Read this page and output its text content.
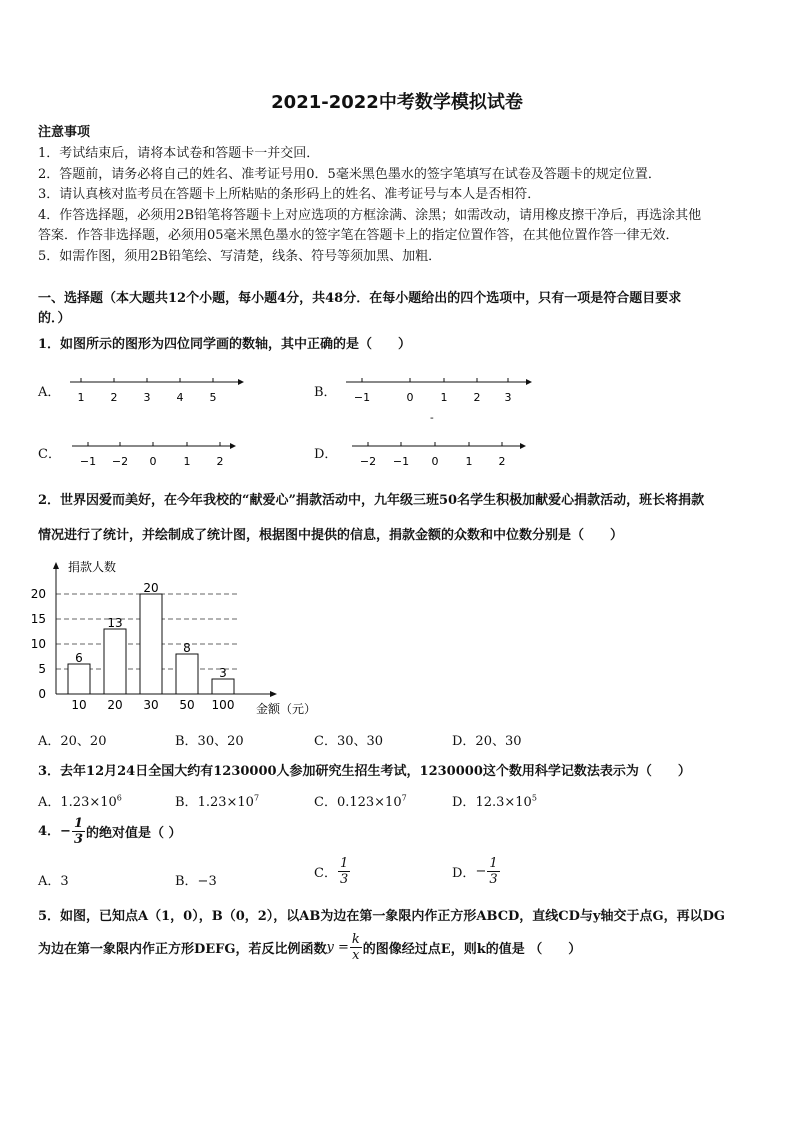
2021-2022中考数学模拟试卷
注意事项
1．考试结束后，请将本试卷和答题卡一并交回．
2．答题前，请务必将自己的姓名、准考证号用0．5毫米黑色墨水的签字笔填写在试卷及答题卡的规定位置．
3．请认真核对监考员在答题卡上所粘贴的条形码上的姓名、准考证号与本人是否相符．
4．作答选择题，必须用2B铅笔将答题卡上对应选项的方框涂满、涂黑；如需改动，请用橡皮擦干净后，再选涂其他
答案．作答非选择题，必须用05毫米黑色墨水的签字笔在答题卡上的指定位置作答，在其他位置作答一律无效．
5．如需作图，须用2B铅笔绘、写清楚，线条、符号等须加黑、加粗．
一、选择题（本大题共12个小题，每小题4分，共48分．在每小题给出的四个选项中，只有一项是符合题目要求
的．）
1．如图所示的图形为四位同学画的数轴，其中正确的是（　　）
A． 1 2 3 4 5	B． −1	0 1 2 3
-
C． −1 −2 0 1 2	D． −2 −1 0 1 2
2．世界因爱而美好，在今年我校的“献爱心”捐款活动中，九年级三班50名学生积极加献爱心捐款活动，班长将捐款
情况进行了统计，并绘制成了统计图，根据图中提供的信息，捐款金额的众数和中位数分别是（　　）
0
5
10
15
20
捐款人数
金额（元）
6
10
13
20
20
30
8
50
3
100
A．20、20	B．30、20	C．30、30	D．20、30
3．去年12月24日全国大约有1230000人参加研究生招生考试，1230000这个数用科学记数法表示为（　　）
A．$1.23\times 10^6$	B．$1.23\times 10^7$	C．$0.123\times 10^7$	D．$12.3\times 10^5$
4．− $\frac{1}{3}$ 的绝对值是（ ）
A．3	B．−3
C． $\frac{1}{3}$	D．− $\frac{1}{3}$
5．如图，已知点A（1，0），B（0，2），以AB为边在第一象限内作正方形ABCD，直线CD与y轴交于点G，再以DG
为边在第一象限内作正方形DEFG，若反比例函数$y = \frac{k}{x}$ 的图像经过点E，则k的值是 （　　）
